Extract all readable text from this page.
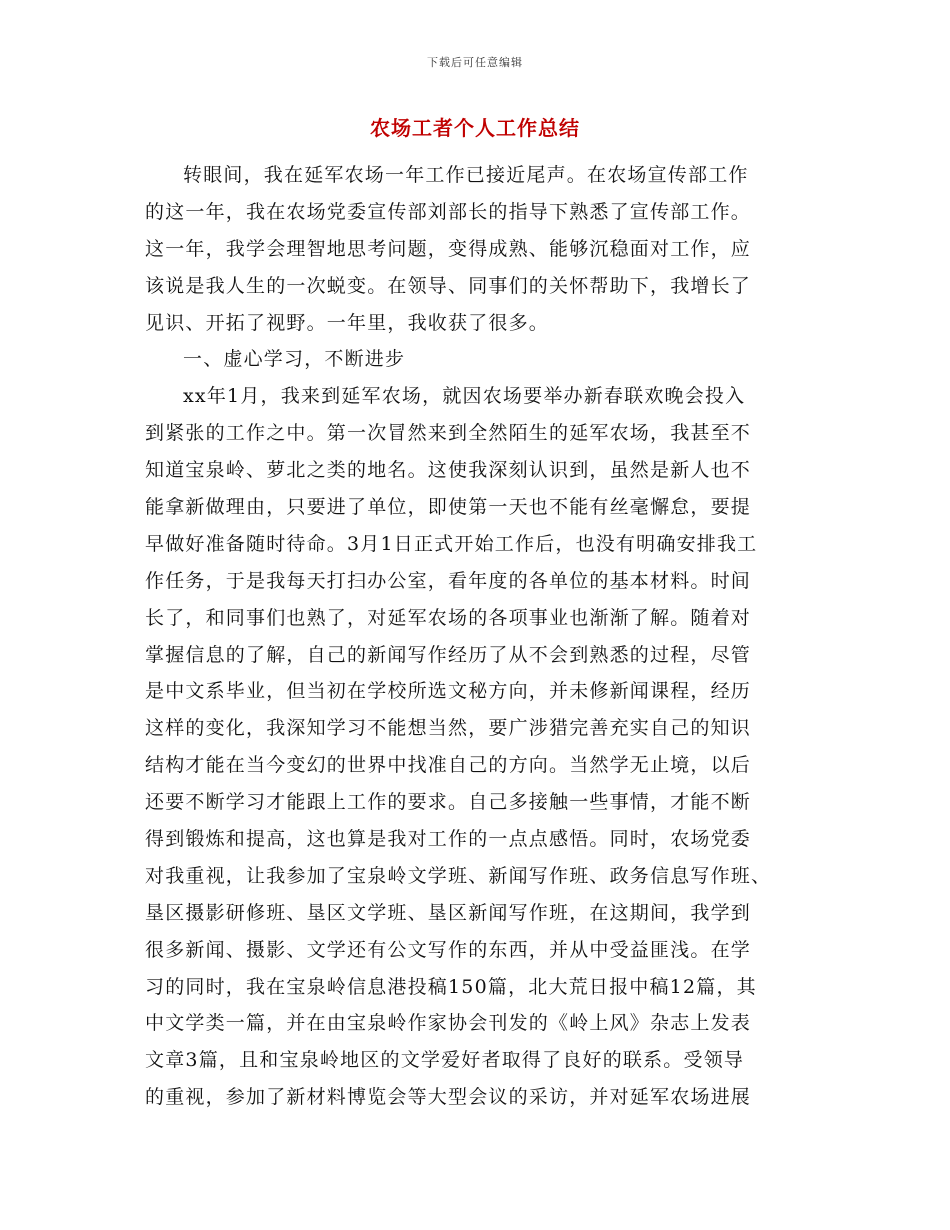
下载后可任意编辑
农场工者个人工作总结
转眼间，我在延军农场一年工作已接近尾声。在农场宣传部工作
的这一年，我在农场党委宣传部刘部长的指导下熟悉了宣传部工作。
这一年，我学会理智地思考问题，变得成熟、能够沉稳面对工作，应
该说是我人生的一次蜕变。在领导、同事们的关怀帮助下，我增长了
见识、开拓了视野。一年里，我收获了很多。
一、虚心学习，不断进步
xx年1月，我来到延军农场，就因农场要举办新春联欢晚会投入
到紧张的工作之中。第一次冒然来到全然陌生的延军农场，我甚至不
知道宝泉岭、萝北之类的地名。这使我深刻认识到，虽然是新人也不
能拿新做理由，只要进了单位，即使第一天也不能有丝毫懈怠，要提
早做好准备随时待命。3月1日正式开始工作后，也没有明确安排我工
作任务，于是我每天打扫办公室，看年度的各单位的基本材料。时间
长了，和同事们也熟了，对延军农场的各项事业也渐渐了解。随着对
掌握信息的了解，自己的新闻写作经历了从不会到熟悉的过程，尽管
是中文系毕业，但当初在学校所选文秘方向，并未修新闻课程，经历
这样的变化，我深知学习不能想当然，要广涉猎完善充实自己的知识
结构才能在当今变幻的世界中找准自己的方向。当然学无止境，以后
还要不断学习才能跟上工作的要求。自己多接触一些事情，才能不断
得到锻炼和提高，这也算是我对工作的一点点感悟。同时，农场党委
对我重视，让我参加了宝泉岭文学班、新闻写作班、政务信息写作班、
垦区摄影研修班、垦区文学班、垦区新闻写作班，在这期间，我学到
很多新闻、摄影、文学还有公文写作的东西，并从中受益匪浅。在学
习的同时，我在宝泉岭信息港投稿150篇，北大荒日报中稿12篇，其
中文学类一篇，并在由宝泉岭作家协会刊发的《岭上风》杂志上发表
文章3篇，且和宝泉岭地区的文学爱好者取得了良好的联系。受领导
的重视，参加了新材料博览会等大型会议的采访，并对延军农场进展
